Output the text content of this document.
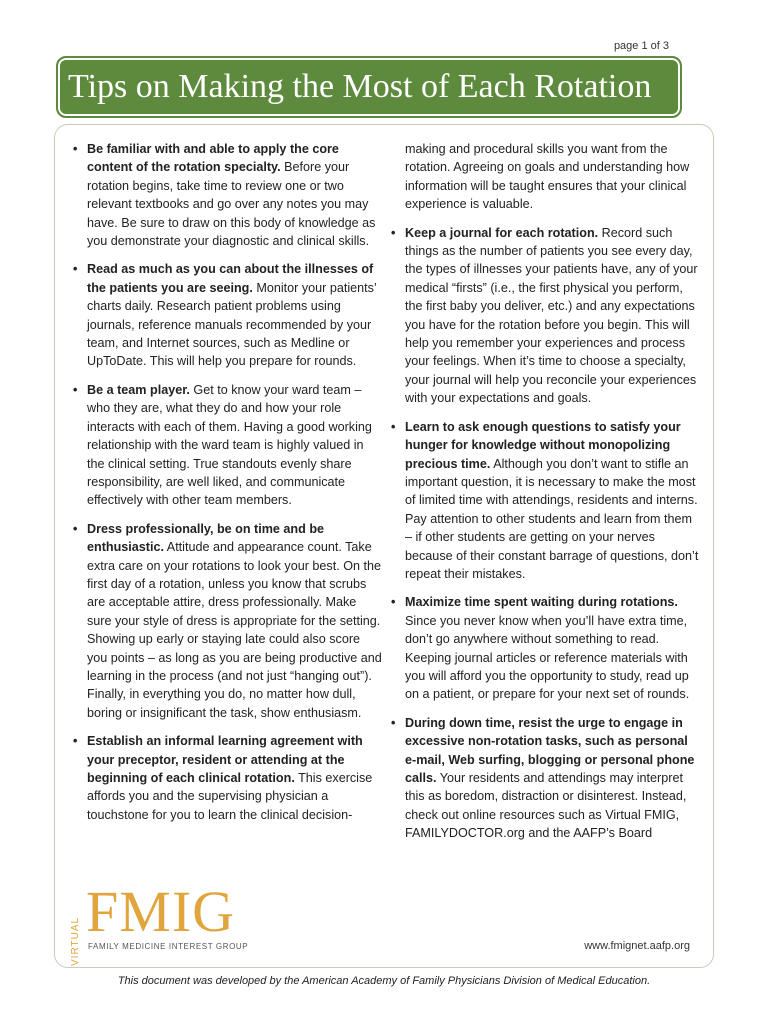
page 1 of 3
Tips on Making the Most of Each Rotation
• Be familiar with and able to apply the core content of the rotation specialty. Before your rotation begins, take time to review one or two relevant textbooks and go over any notes you may have. Be sure to draw on this body of knowledge as you demonstrate your diagnostic and clinical skills.
• Read as much as you can about the illnesses of the patients you are seeing. Monitor your patients’ charts daily. Research patient problems using journals, reference manuals recommended by your team, and Internet sources, such as Medline or UpToDate. This will help you prepare for rounds.
• Be a team player. Get to know your ward team – who they are, what they do and how your role interacts with each of them. Having a good working relationship with the ward team is highly valued in the clinical setting. True standouts evenly share responsibility, are well liked, and communicate effectively with other team members.
• Dress professionally, be on time and be enthusiastic. Attitude and appearance count. Take extra care on your rotations to look your best. On the first day of a rotation, unless you know that scrubs are acceptable attire, dress professionally. Make sure your style of dress is appropriate for the setting. Showing up early or staying late could also score you points – as long as you are being productive and learning in the process (and not just “hanging out”). Finally, in everything you do, no matter how dull, boring or insignificant the task, show enthusiasm.
• Establish an informal learning agreement with your preceptor, resident or attending at the beginning of each clinical rotation. This exercise affords you and the supervising physician a touchstone for you to learn the clinical decision-

making and procedural skills you want from the rotation. Agreeing on goals and understanding how information will be taught ensures that your clinical experience is valuable.

• Keep a journal for each rotation. Record such things as the number of patients you see every day, the types of illnesses your patients have, any of your medical “firsts” (i.e., the first physical you perform, the first baby you deliver, etc.) and any expectations you have for the rotation before you begin. This will help you remember your experiences and process your feelings. When it’s time to choose a specialty, your journal will help you reconcile your experiences with your expectations and goals.
• Learn to ask enough questions to satisfy your hunger for knowledge without monopolizing precious time. Although you don’t want to stifle an important question, it is necessary to make the most of limited time with attendings, residents and interns. Pay attention to other students and learn from them – if other students are getting on your nerves because of their constant barrage of questions, don’t repeat their mistakes.
• Maximize time spent waiting during rotations. Since you never know when you’ll have extra time, don’t go anywhere without something to read. Keeping journal articles or reference materials with you will afford you the opportunity to study, read up on a patient, or prepare for your next set of rounds.
• During down time, resist the urge to engage in excessive non-rotation tasks, such as personal e-mail, Web surfing, blogging or personal phone calls. Your residents and attendings may interpret this as boredom, distraction or disinterest. Instead, check out online resources such as Virtual FMIG, FAMILYDOCTOR.org and the AAFP’s Board
VIRTUAL FMIG
FAMILY MEDICINE INTEREST GROUP	www.fmignet.aafp.org
This document was developed by the American Academy of Family Physicians Division of Medical Education.
